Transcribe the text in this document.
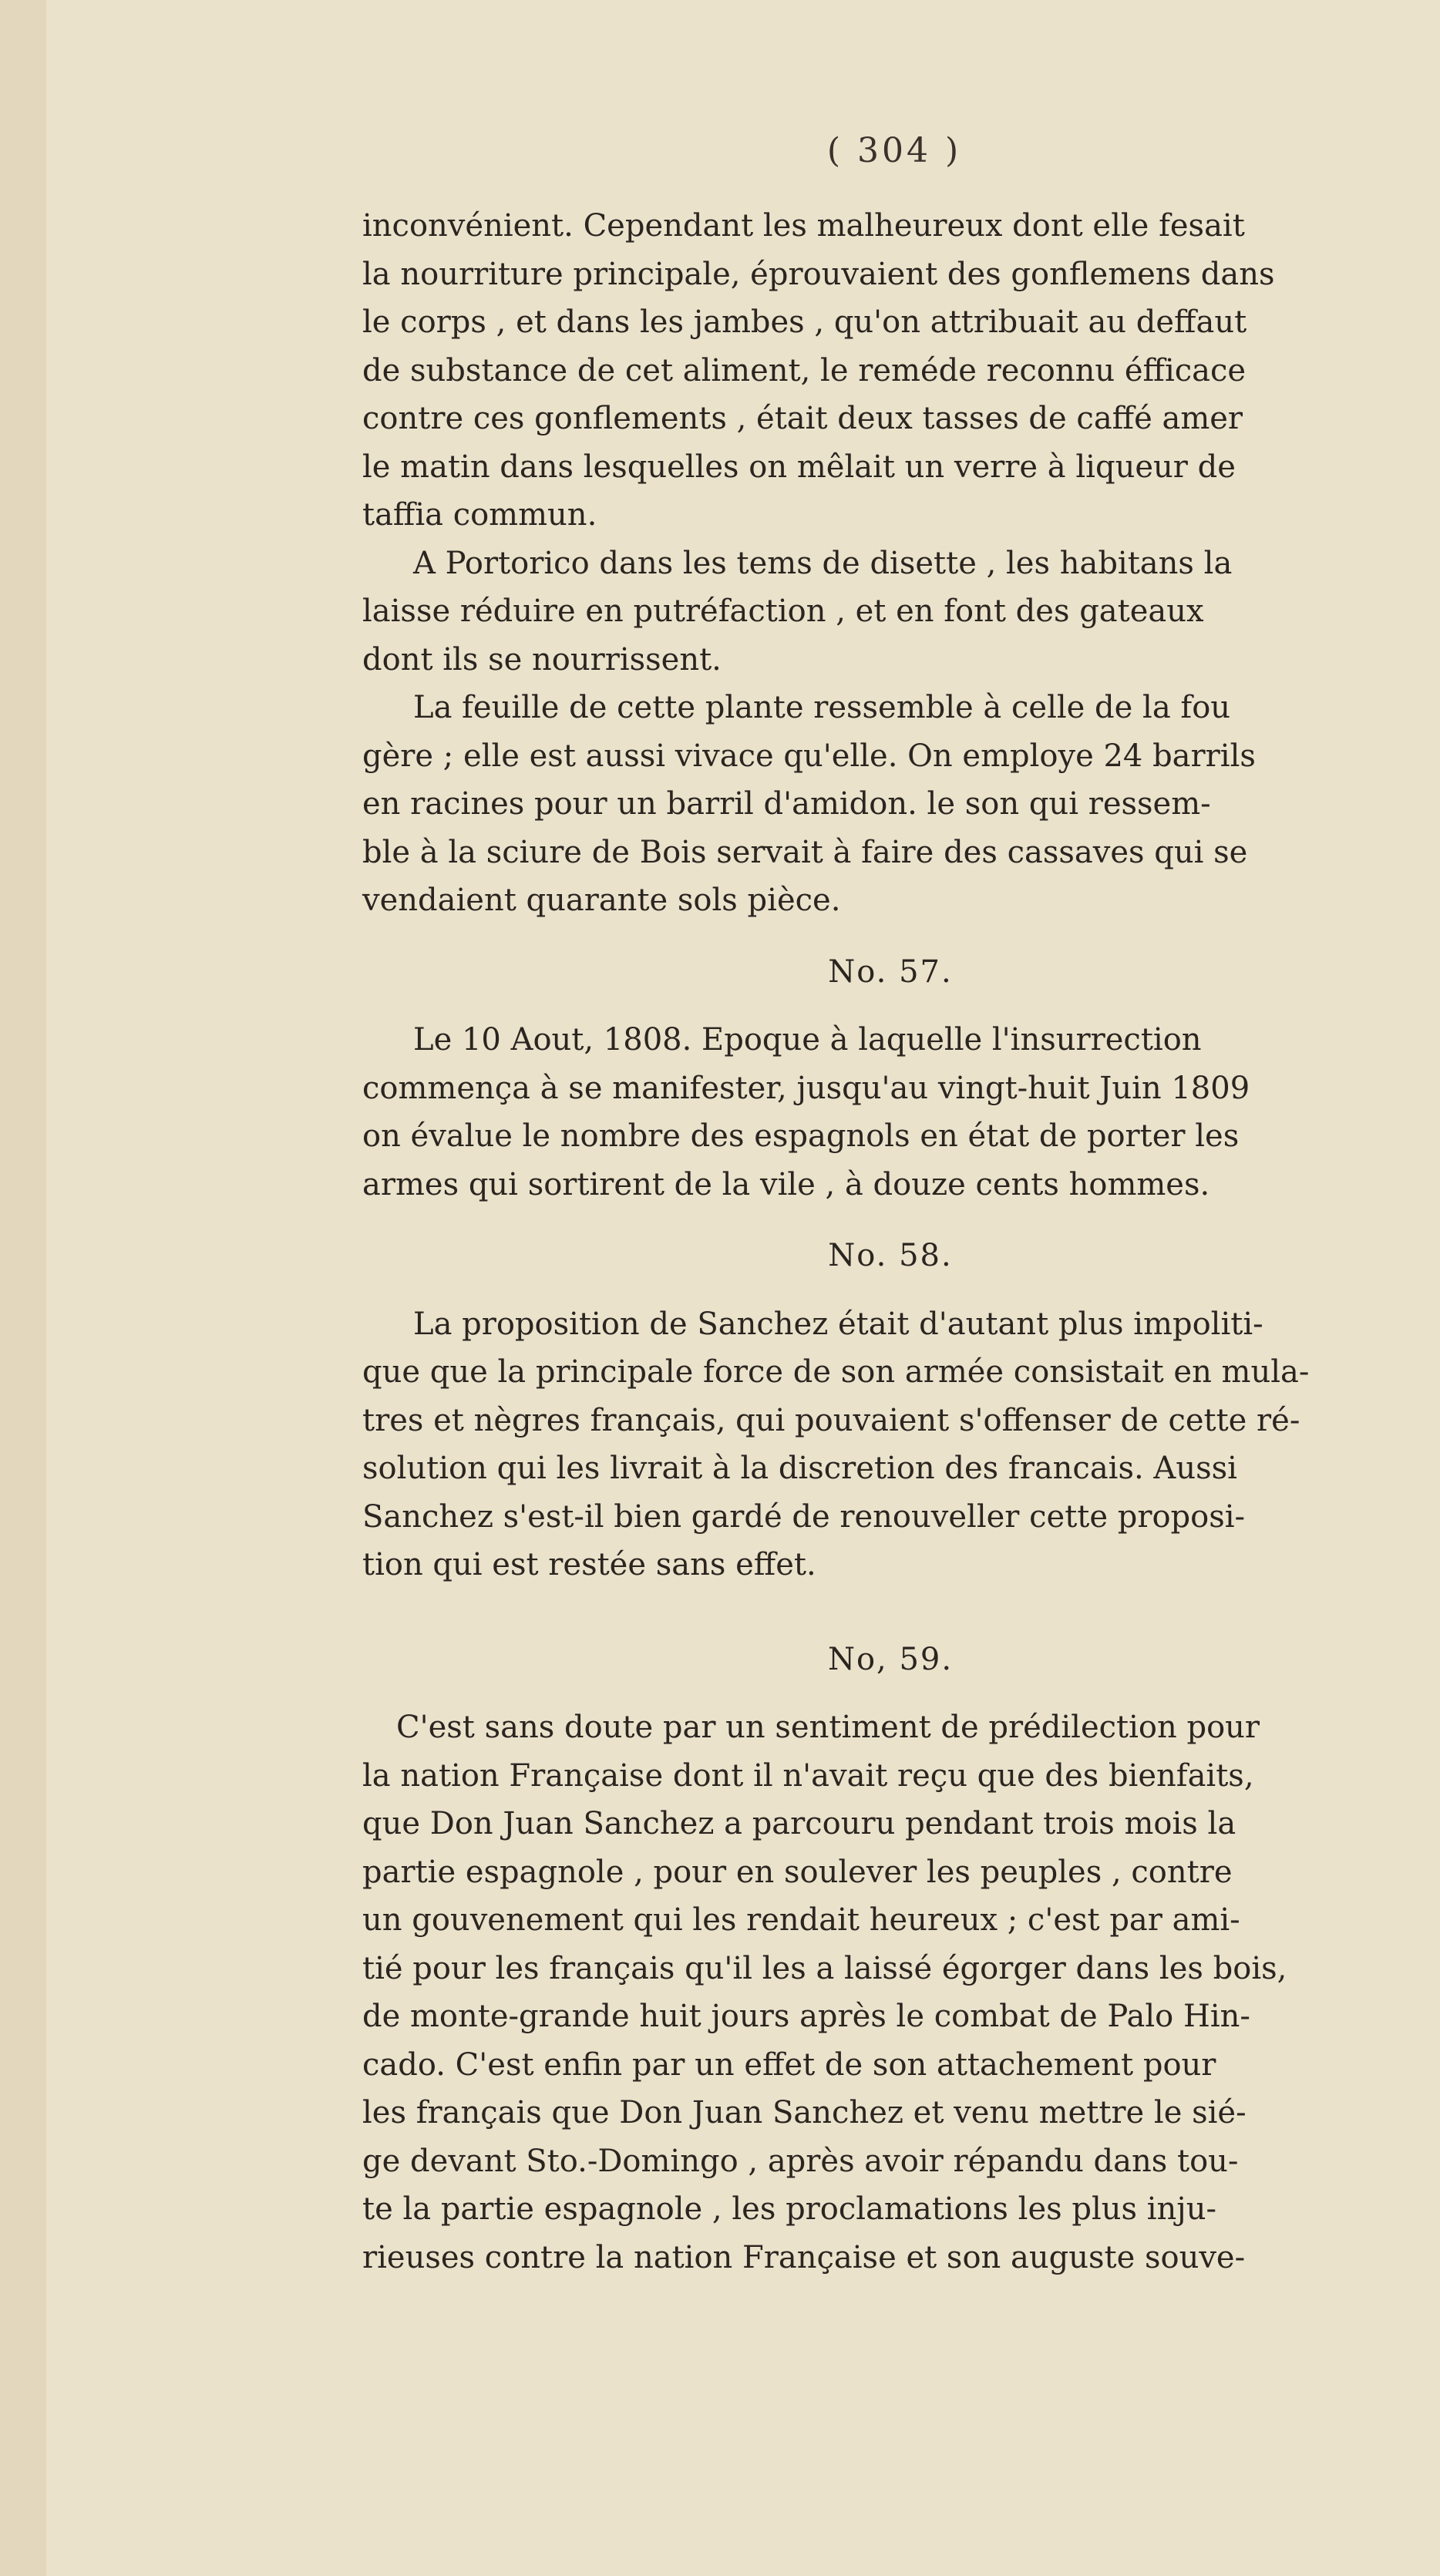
( 304 )
inconvénient. Cependant les malheureux dont elle fesait
la nourriture principale, éprouvaient des gonflemens dans
le corps , et dans les jambes , qu'on attribuait au deffaut
de substance de cet aliment, le reméde reconnu éfficace
contre ces gonflements , était deux tasses de caffé amer
le matin dans lesquelles on mêlait un verre à liqueur de
taffia commun.
A Portorico dans les tems de disette , les habitans la
laisse réduire en putréfaction , et en font des gateaux
dont ils se nourrissent.
La feuille de cette plante ressemble à celle de la fou
gère ; elle est aussi vivace qu'elle. On employe 24 barrils
en racines pour un barril d'amidon. le son qui ressem-
ble à la sciure de Bois servait à faire des cassaves qui se
vendaient quarante sols pièce.
No. 57.
Le 10 Aout, 1808. Epoque à laquelle l'insurrection
commença à se manifester, jusqu'au vingt-huit Juin 1809
on évalue le nombre des espagnols en état de porter les
armes qui sortirent de la vile , à douze cents hommes.
No. 58.
La proposition de Sanchez était d'autant plus impoliti-
que que la principale force de son armée consistait en mula-
tres et nègres français, qui pouvaient s'offenser de cette ré-
solution qui les livrait à la discretion des francais. Aussi
Sanchez s'est-il bien gardé de renouveller cette proposi-
tion qui est restée sans effet.
No, 59.
C'est sans doute par un sentiment de prédilection pour
la nation Française dont il n'avait reçu que des bienfaits,
que Don Juan Sanchez a parcouru pendant trois mois la
partie espagnole , pour en soulever les peuples , contre
un gouvenement qui les rendait heureux ; c'est par ami-
tié pour les français qu'il les a laissé égorger dans les bois,
de monte-grande huit jours après le combat de Palo Hin-
cado. C'est enfin par un effet de son attachement pour
les français que Don Juan Sanchez et venu mettre le sié-
ge devant Sto.-Domingo , après avoir répandu dans tou-
te la partie espagnole , les proclamations les plus inju-
rieuses contre la nation Française et son auguste souve-
